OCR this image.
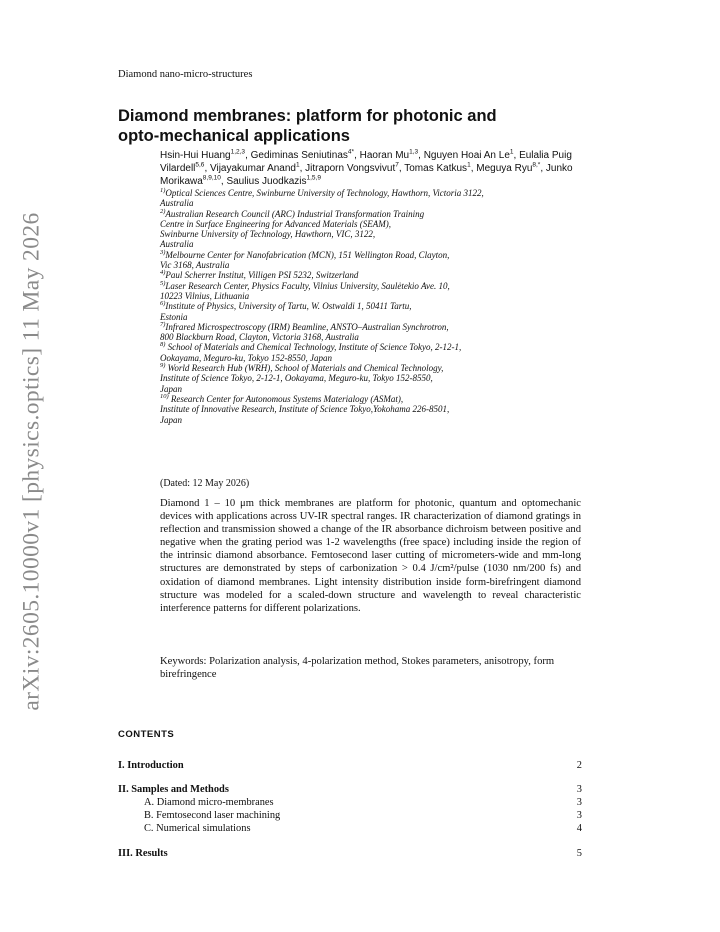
arXiv:2605.10000v1 [physics.optics] 11 May 2026
Diamond nano-micro-structures
Diamond membranes: platform for photonic and
opto-mechanical applications
Hsin-Hui Huang$^{1,2,3}$, Gediminas Seniutinas$^{4*}$, Haoran Mu$^{1,3}$, Nguyen Hoai An Le$^1$, Eulalia Puig Vilardell$^{5,6}$, Vijayakumar Anand$^1$, Jitraporn Vongsvivut$^7$, Tomas Katkus$^1$, Meguya Ryu$^{8,*}$, Junko Morikawa$^{8,9,10}$, Saulius Juodkazis$^{1,5,9}$
$^{1)}$Optical Sciences Centre, Swinburne University of Technology, Hawthorn, Victoria 3122,
Australia
$^{2)}$Australian Research Council (ARC) Industrial Transformation Training
Centre in Surface Engineering for Advanced Materials (SEAM),
Swinburne University of Technology, Hawthorn, VIC, 3122,
Australia
$^{3)}$Melbourne Center for Nanofabrication (MCN), 151 Wellington Road, Clayton,
Vic 3168, Australia
$^{4)}$Paul Scherrer Institut, Villigen PSI 5232, Switzerland
$^{5)}$Laser Research Center, Physics Faculty, Vilnius University, Saulėtekio Ave. 10,
10223 Vilnius, Lithuania
$^{6)}$Institute of Physics, University of Tartu, W. Ostwaldi 1, 50411 Tartu,
Estonia
$^{7)}$Infrared Microspectroscopy (IRM) Beamline, ANSTO–Australian Synchrotron,
800 Blackburn Road, Clayton, Victoria 3168, Australia
$^{8)}$ School of Materials and Chemical Technology, Institute of Science Tokyo, 2-12-1,
Ookayama, Meguro-ku, Tokyo 152-8550, Japan
$^{9)}$ World Research Hub (WRH), School of Materials and Chemical Technology,
Institute of Science Tokyo, 2-12-1, Ookayama, Meguro-ku, Tokyo 152-8550,
Japan
$^{10)}$ Research Center for Autonomous Systems Materialogy (ASMat),
Institute of Innovative Research, Institute of Science Tokyo,Yokohama 226-8501,
Japan
(Dated: 12 May 2026)
Diamond 1 – 10 μm thick membranes are platform for photonic, quantum and optomechanic devices with applications across UV-IR spectral ranges. IR characterization of diamond gratings in reflection and transmission showed a change of the IR absorbance dichroism between positive and negative when the grating period was 1-2 wavelengths (free space) including inside the region of the intrinsic diamond absorbance. Femtosecond laser cutting of micrometers-wide and mm-long structures are demonstrated by steps of carbonization > 0.4 J/cm²/pulse (1030 nm/200 fs) and oxidation of diamond membranes. Light intensity distribution inside form-birefringent diamond structure was modeled for a scaled-down structure and wavelength to reveal characteristic interference patterns for different polarizations.
Keywords: Polarization analysis, 4-polarization method, Stokes parameters, anisotropy, form birefringence
CONTENTS
I. Introduction	2
II. Samples and Methods	3
A. Diamond micro-membranes	3
B. Femtosecond laser machining	3
C. Numerical simulations	4
III. Results	5
